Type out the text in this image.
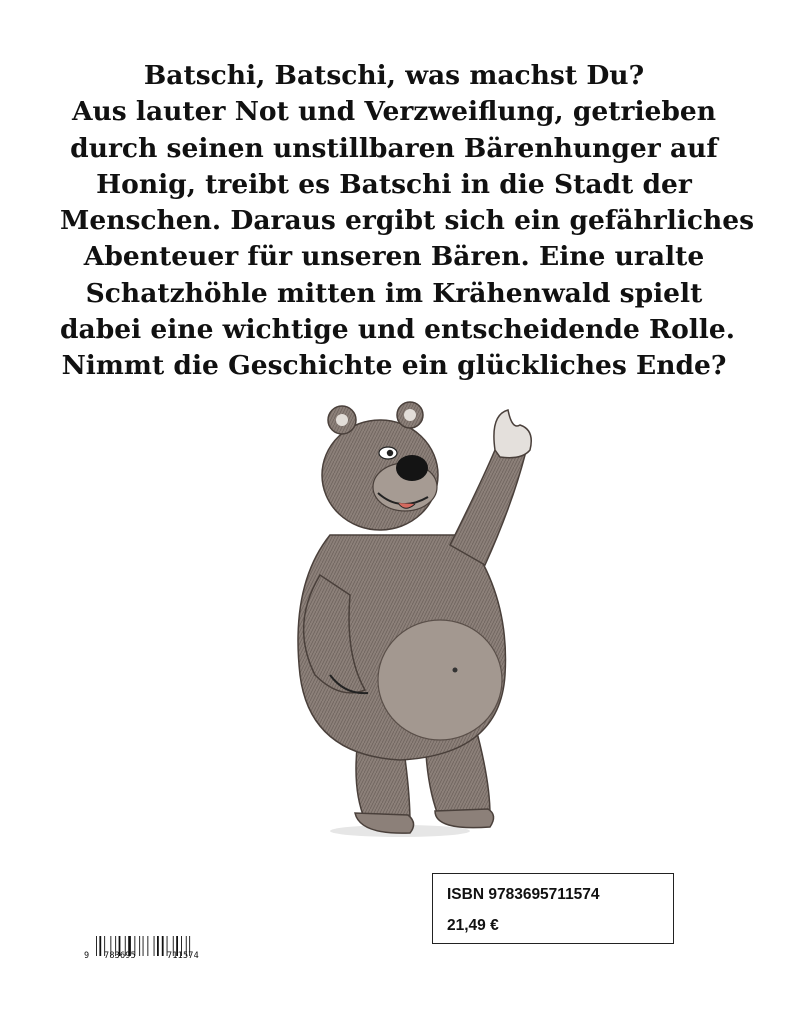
Batschi, Batschi, was machst Du?

Aus lauter Not und Verzweiflung, getrieben

durch seinen unstillbaren Bärenhunger auf

Honig, treibt es Batschi in die Stadt der

Menschen. Daraus ergibt sich ein gefährliches

Abenteuer für unseren Bären. Eine uralte

Schatzhöhle mitten im Krähenwald spielt

dabei eine wichtige und entscheidende Rolle.

Nimmt die Geschichte ein glückliches Ende?

ISBN 9783695711574
21,49 €
9 783695	711574
